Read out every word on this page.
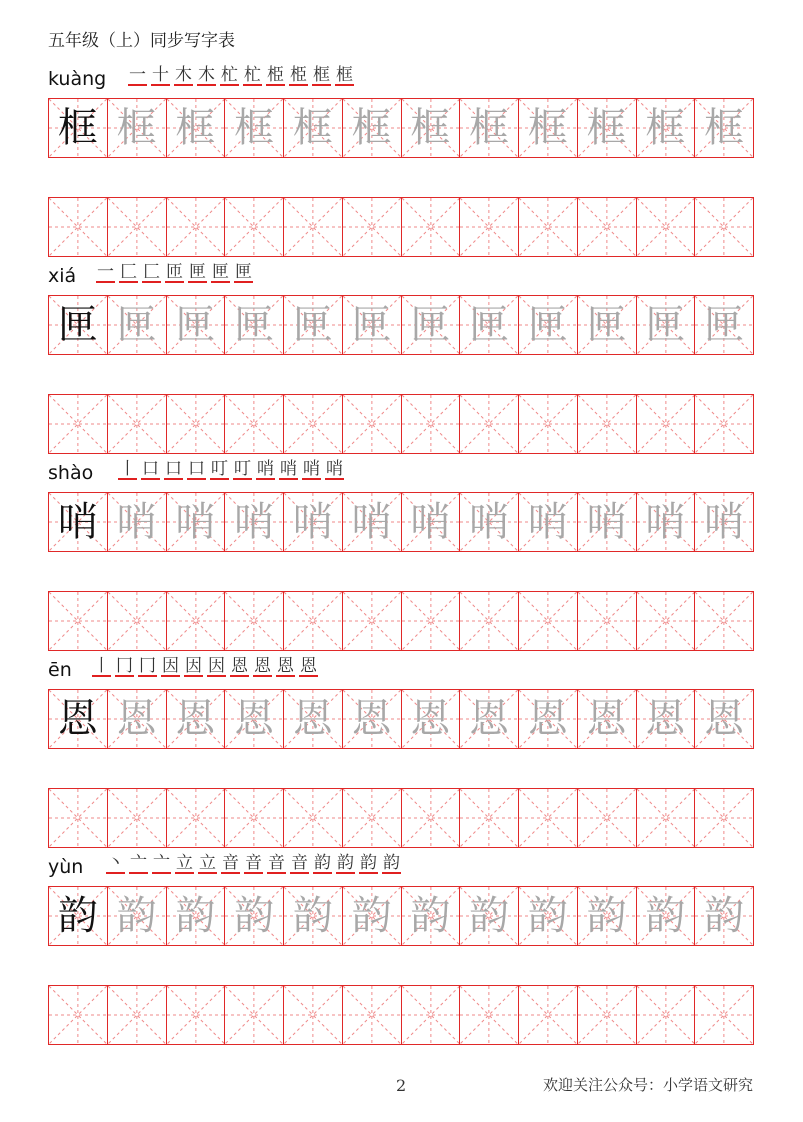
五年级（上）同步写字表
kuàng 一 十 木 木 杧 杧 栕 栕 框 框
框 框 框 框 框 框 框 框 框 框 框 框
xiá 一 匚 匚 匝 匣 匣 匣
匣 匣 匣 匣 匣 匣 匣 匣 匣 匣 匣 匣
shào 丨 口 口 口 叮 叮 哨 哨 哨 哨
哨 哨 哨 哨 哨 哨 哨 哨 哨 哨 哨 哨
ēn 丨 冂 冂 因 因 因 恩 恩 恩 恩
恩 恩 恩 恩 恩 恩 恩 恩 恩 恩 恩 恩
yùn 丶 亠 亠 立 立 音 音 音 音 韵 韵 韵 韵
韵 韵 韵 韵 韵 韵 韵 韵 韵 韵 韵 韵
2	欢迎关注公众号：小学语文研究
